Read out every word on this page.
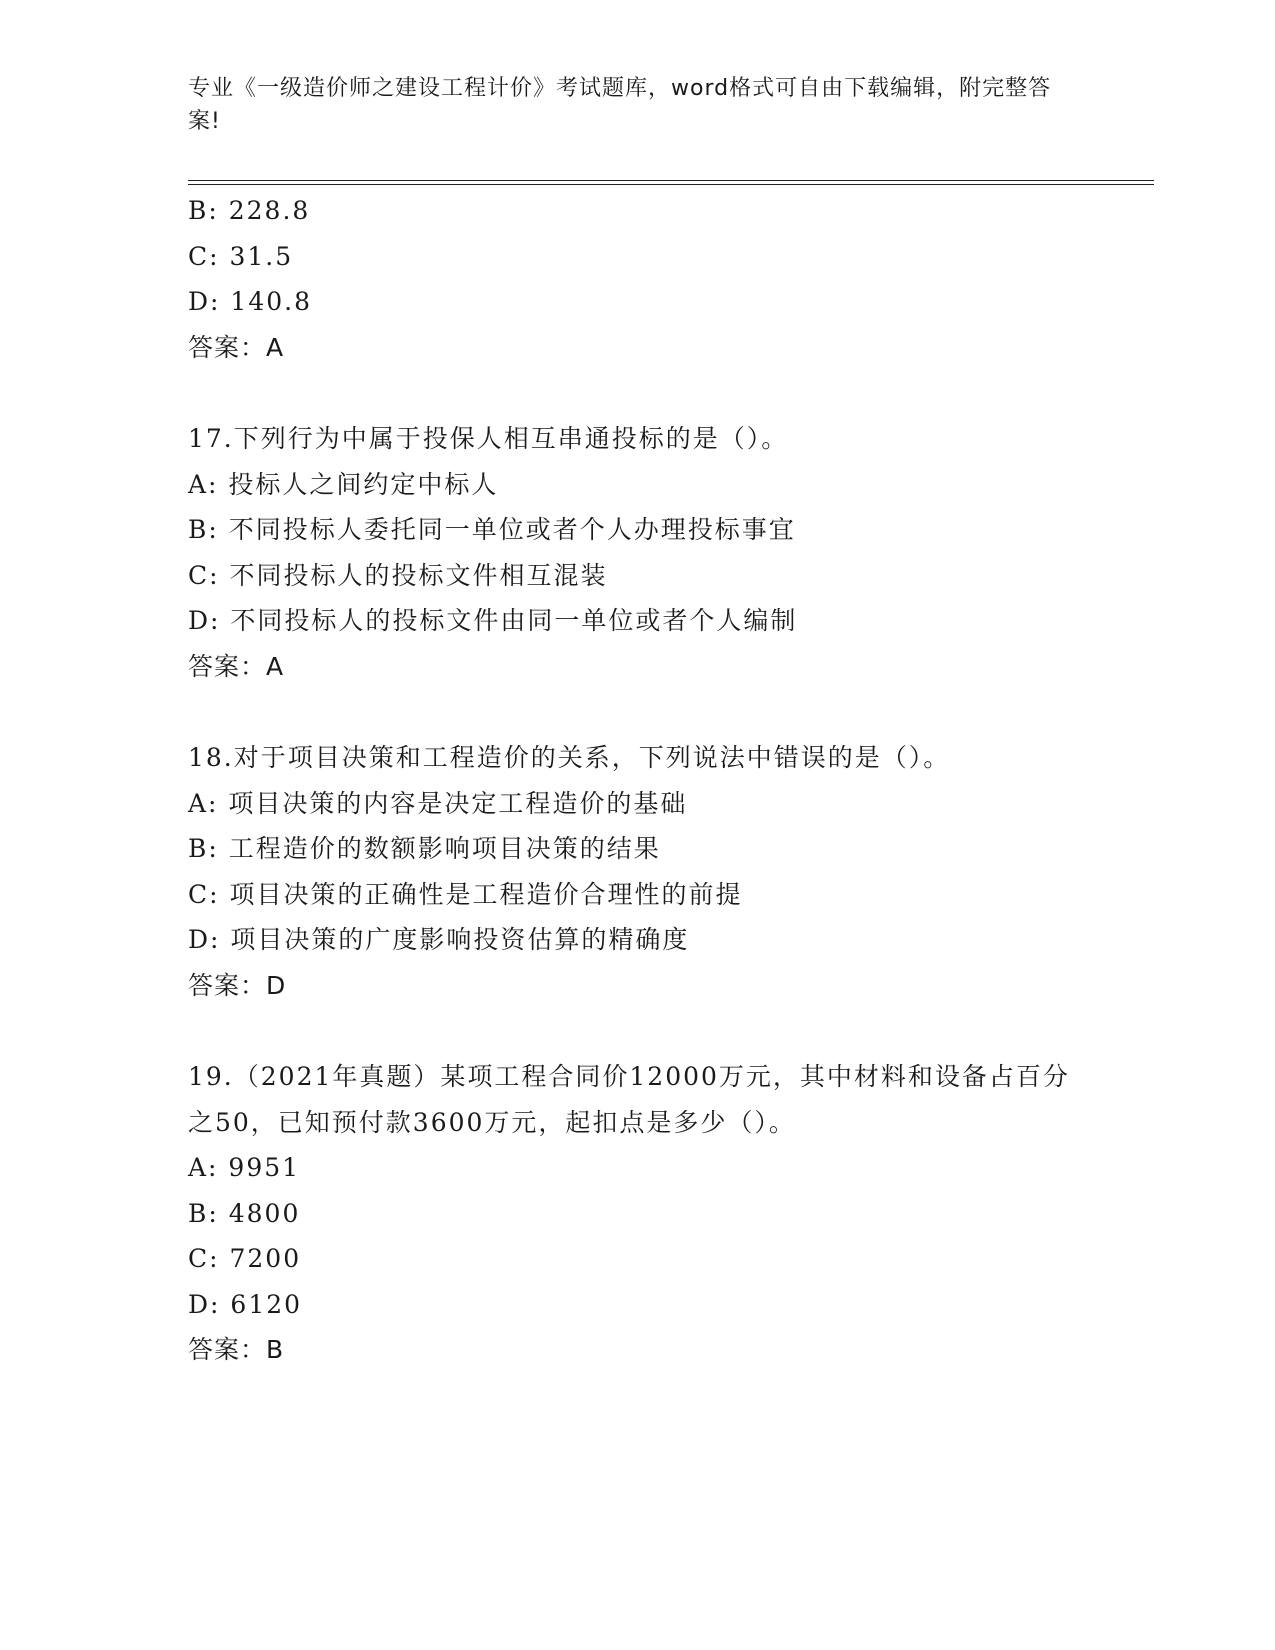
专业《一级造价师之建设工程计价》考试题库，word格式可自由下载编辑，附完整答案!
B: 228.8
C: 31.5
D: 140.8
答案：A
17.下列行为中属于投保人相互串通投标的是（）。
A: 投标人之间约定中标人
B: 不同投标人委托同一单位或者个人办理投标事宜
C: 不同投标人的投标文件相互混装
D: 不同投标人的投标文件由同一单位或者个人编制
答案：A
18.对于项目决策和工程造价的关系，下列说法中错误的是（）。
A: 项目决策的内容是决定工程造价的基础
B: 工程造价的数额影响项目决策的结果
C: 项目决策的正确性是工程造价合理性的前提
D: 项目决策的广度影响投资估算的精确度
答案：D
19.（2021年真题）某项工程合同价12000万元，其中材料和设备占百分之50，已知预付款3600万元，起扣点是多少（）。
A: 9951
B: 4800
C: 7200
D: 6120
答案：B
